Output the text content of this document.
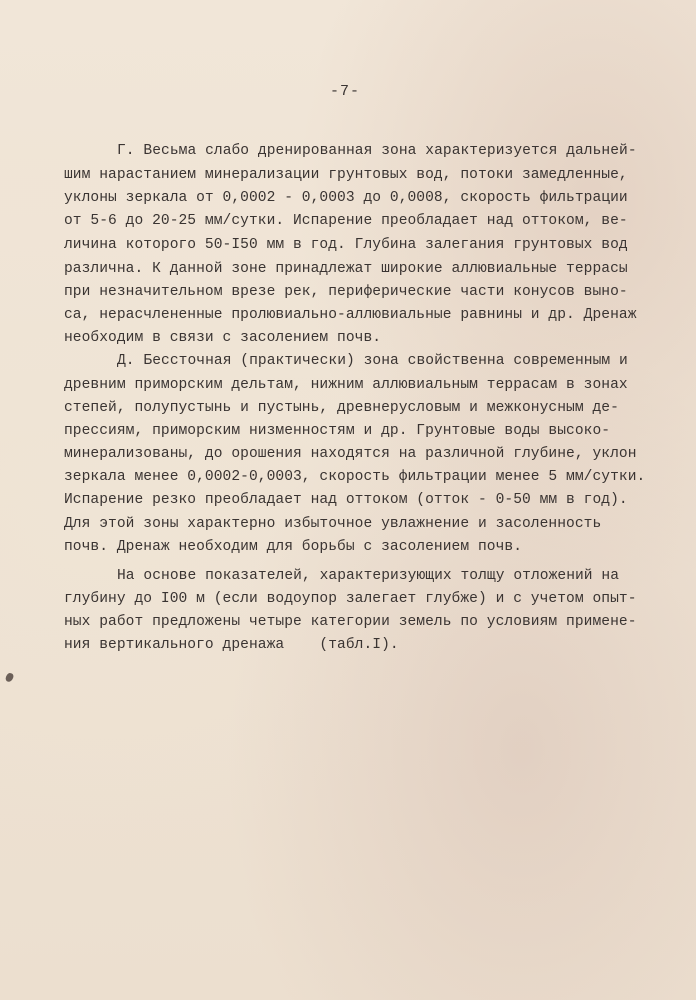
-7-
Г. Весьма слабо дренированная зона характеризуется дальней-
шим нарастанием минерализации грунтовых вод, потоки замедленные,
уклоны зеркала от 0,0002 - 0,0003 до 0,0008, скорость фильтрации
от 5-6 до 20-25 мм/сутки. Испарение преобладает над оттоком, ве-
личина которого 50-I50 мм в год. Глубина залегания грунтовых вод
различна. К данной зоне принадлежат широкие аллювиальные террасы
при незначительном врезе рек, периферические части конусов выно-
са, нерасчлененные пролювиально-аллювиальные равнины и др. Дренаж
необходим в связи с засолением почв.
Д. Бессточная (практически) зона свойственна современным и
древним приморским дельтам, нижним аллювиальным террасам в зонах
степей, полупустынь и пустынь, древнерусловым и межконусным де-
прессиям, приморским низменностям и др. Грунтовые воды высоко-
минерализованы, до орошения находятся на различной глубине, уклон
зеркала менее 0,0002-0,0003, скорость фильтрации менее 5 мм/сутки.
Испарение резко преобладает над оттоком (отток - 0-50 мм в год).
Для этой зоны характерно избыточное увлажнение и засоленность
почв. Дренаж необходим для борьбы с засолением почв.
На основе показателей, характеризующих толщу отложений на
глубину до I00 м (если водоупор залегает глубже) и с учетом опыт-
ных работ предложены четыре категории земель по условиям примене-
ния вертикального дренажа    (табл.I).
